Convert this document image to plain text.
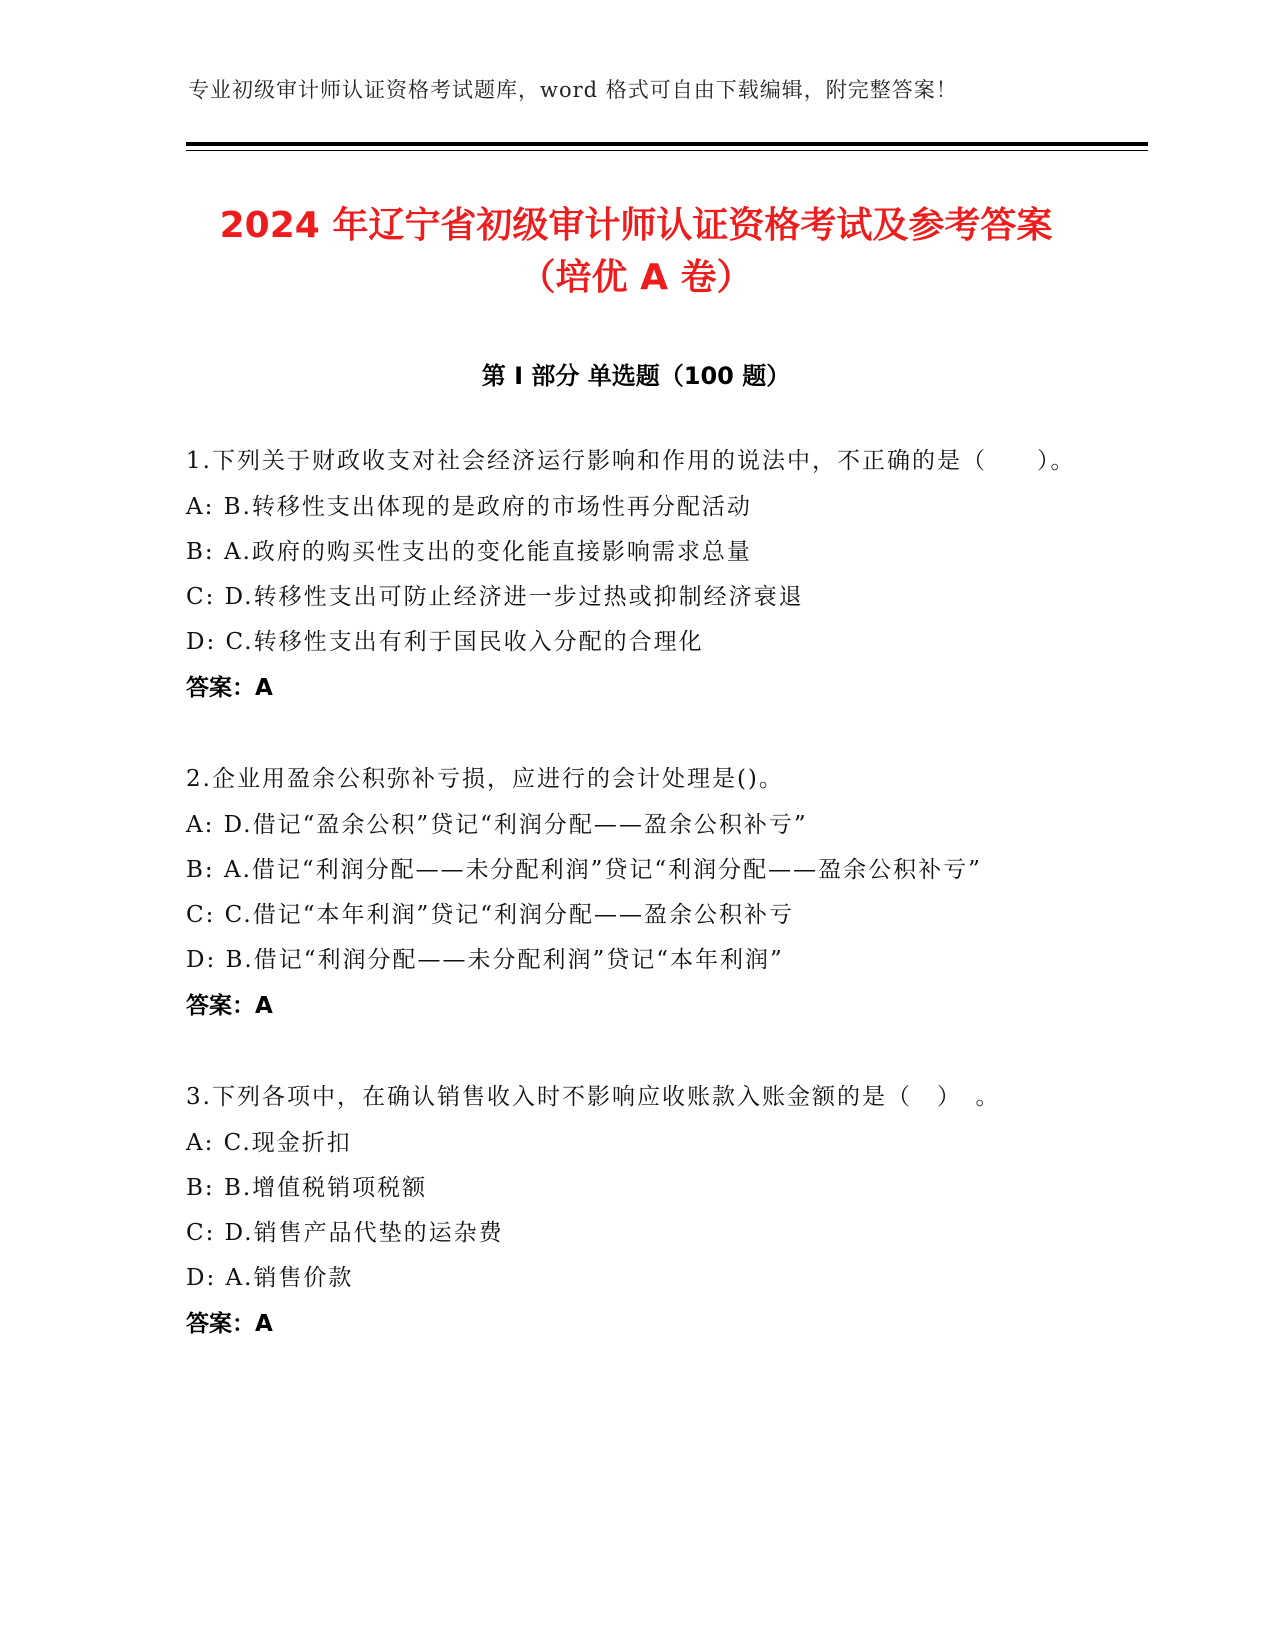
专业初级审计师认证资格考试题库，word 格式可自由下载编辑，附完整答案！
2024 年辽宁省初级审计师认证资格考试及参考答案（培优 A 卷）
第 I 部分 单选题（100 题）
1.下列关于财政收支对社会经济运行影响和作用的说法中，不正确的是（　　）。
A: B.转移性支出体现的是政府的市场性再分配活动
B: A.政府的购买性支出的变化能直接影响需求总量
C: D.转移性支出可防止经济进一步过热或抑制经济衰退
D: C.转移性支出有利于国民收入分配的合理化
答案：A
2.企业用盈余公积弥补亏损，应进行的会计处理是()。
A: D.借记“盈余公积”贷记“利润分配——盈余公积补亏”
B: A.借记“利润分配——未分配利润”贷记“利润分配——盈余公积补亏”
C: C.借记“本年利润”贷记“利润分配——盈余公积补亏
D: B.借记“利润分配——未分配利润”贷记“本年利润”
答案：A
3.下列各项中，在确认销售收入时不影响应收账款入账金额的是（　）　。
A: C.现金折扣
B: B.增值税销项税额
C: D.销售产品代垫的运杂费
D: A.销售价款
答案：A
